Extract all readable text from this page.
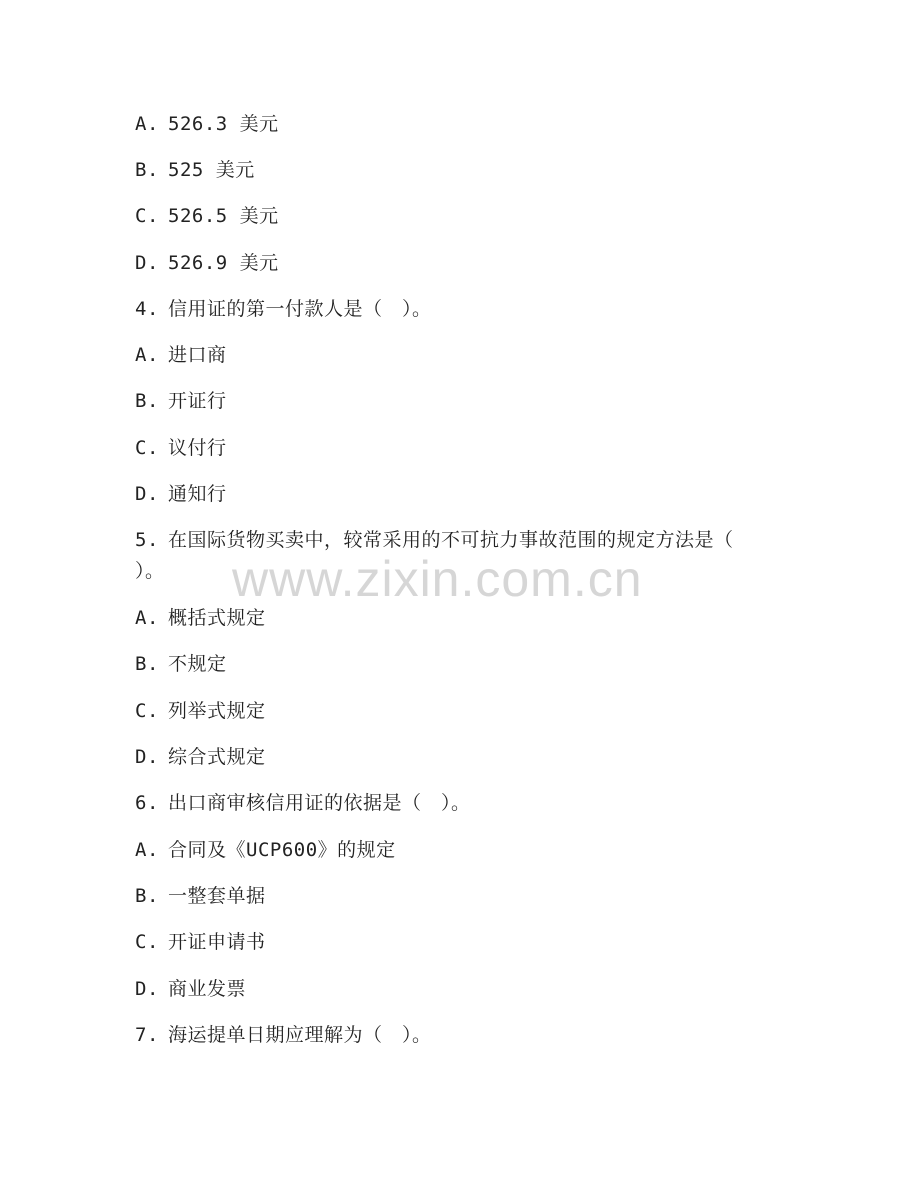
www.zixin.com.cn
A. 526.3 美元
B. 525 美元
C. 526.5 美元
D. 526.9 美元
4. 信用证的第一付款人是（　）。
A. 进口商
B. 开证行
C. 议付行
D. 通知行
5. 在国际货物买卖中，较常采用的不可抗力事故范围的规定方法是（
）。
A. 概括式规定
B. 不规定
C. 列举式规定
D. 综合式规定
6. 出口商审核信用证的依据是（　）。
A. 合同及《UCP600》的规定
B. 一整套单据
C. 开证申请书
D. 商业发票
7. 海运提单日期应理解为（　）。
